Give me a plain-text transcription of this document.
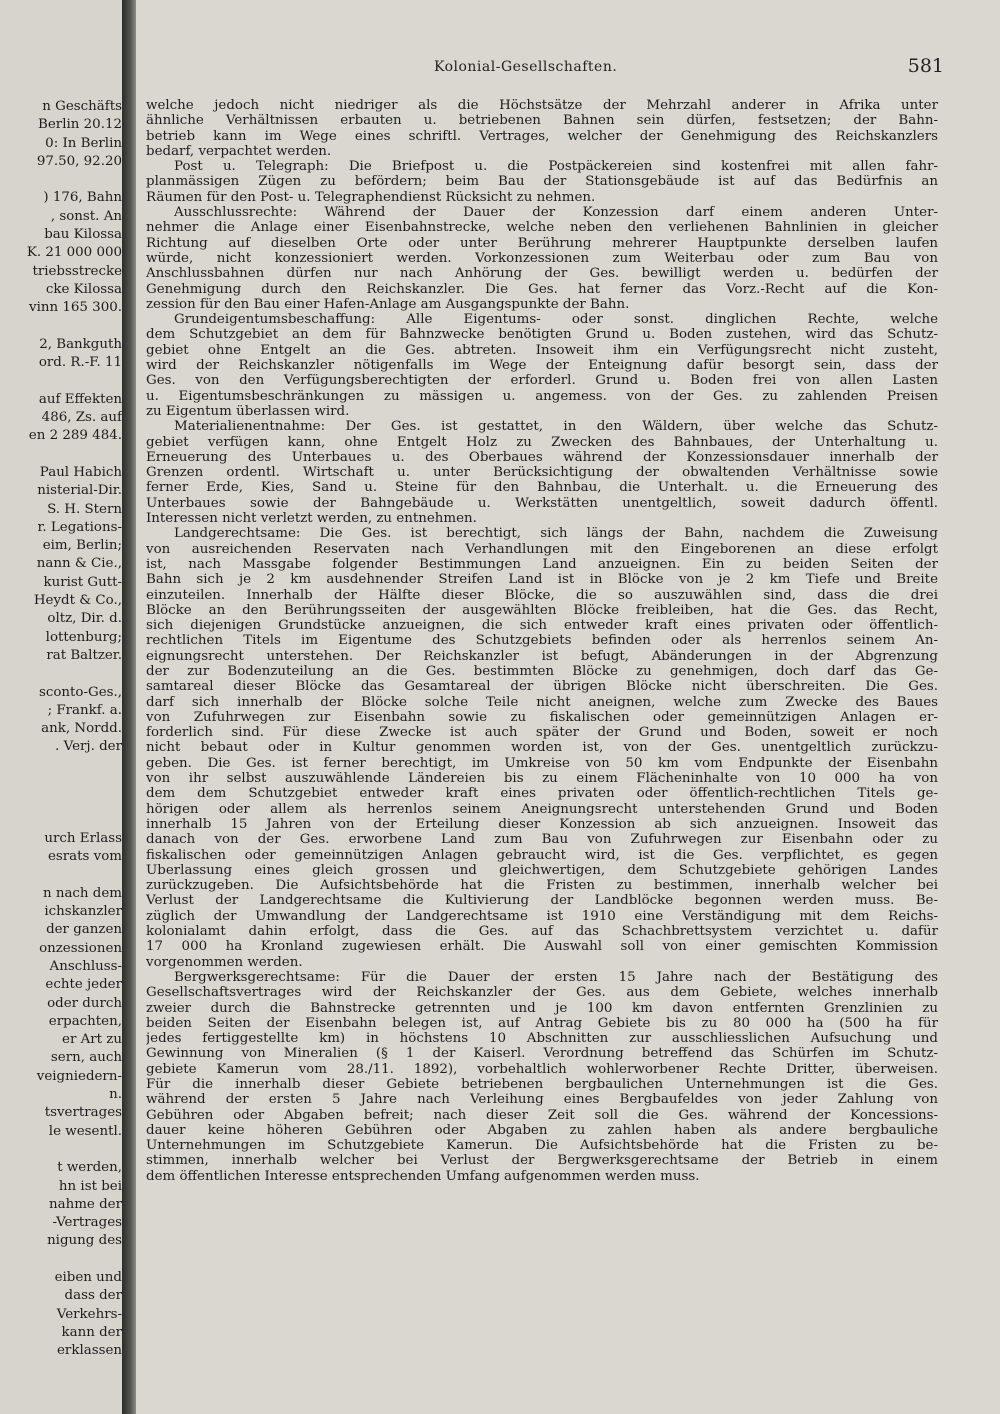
n Geschäfts
Berlin 20.12
0: In Berlin
97.50, 92.20
) 176, Bahn
, sonst. An
bau Kilossa
K. 21 000 000
triebsstrecke
cke Kilossa
vinn 165 300.
2, Bankguth
ord. R.-F. 11
auf Effekten
486, Zs. auf
en 2 289 484.
Paul Habich
nisterial-Dir.
S. H. Stern
r. Legations-
eim, Berlin;
nann & Cie.,
kurist Gutt-
Heydt & Co.,
oltz, Dir. d.
lottenburg;
rat Baltzer.
sconto-Ges.,
; Frankf. a.
ank, Nordd.
. Verj. der
urch Erlass
esrats vom
n nach dem
ichskanzler
der ganzen
onzessionen
Anschluss-
echte jeder
oder durch
erpachten,
er Art zu
sern, auch
veigniedern-
n.
tsvertrages
le wesentl.
t werden,
hn ist bei
nahme der
-Vertrages
nigung des
eiben und
dass der
Verkehrs-
kann der
erklassen
Kolonial-Gesellschaften.	581
welche jedoch nicht niedriger als die Höchstsätze der Mehrzahl anderer in Afrika unter
ähnliche Verhältnissen erbauten u. betriebenen Bahnen sein dürfen, festsetzen; der Bahn-
betrieb kann im Wege eines schriftl. Vertrages, welcher der Genehmigung des Reichskanzlers
bedarf, verpachtet werden.
Post u. Telegraph: Die Briefpost u. die Postpäckereien sind kostenfrei mit allen fahr-
planmässigen Zügen zu befördern; beim Bau der Stationsgebäude ist auf das Bedürfnis an
Räumen für den Post- u. Telegraphendienst Rücksicht zu nehmen.
Ausschlussrechte: Während der Dauer der Konzession darf einem anderen Unter-
nehmer die Anlage einer Eisenbahnstrecke, welche neben den verliehenen Bahnlinien in gleicher
Richtung auf dieselben Orte oder unter Berührung mehrerer Hauptpunkte derselben laufen
würde, nicht konzessioniert werden. Vorkonzessionen zum Weiterbau oder zum Bau von
Anschlussbahnen dürfen nur nach Anhörung der Ges. bewilligt werden u. bedürfen der
Genehmigung durch den Reichskanzler. Die Ges. hat ferner das Vorz.-Recht auf die Kon-
zession für den Bau einer Hafen-Anlage am Ausgangspunkte der Bahn.
Grundeigentumsbeschaffung: Alle Eigentums- oder sonst. dinglichen Rechte, welche
dem Schutzgebiet an dem für Bahnzwecke benötigten Grund u. Boden zustehen, wird das Schutz-
gebiet ohne Entgelt an die Ges. abtreten. Insoweit ihm ein Verfügungsrecht nicht zusteht,
wird der Reichskanzler nötigenfalls im Wege der Enteignung dafür besorgt sein, dass der
Ges. von den Verfügungsberechtigten der erforderl. Grund u. Boden frei von allen Lasten
u. Eigentumsbeschränkungen zu mässigen u. angemess. von der Ges. zu zahlenden Preisen
zu Eigentum überlassen wird.
Materialienentnahme: Der Ges. ist gestattet, in den Wäldern, über welche das Schutz-
gebiet verfügen kann, ohne Entgelt Holz zu Zwecken des Bahnbaues, der Unterhaltung u.
Erneuerung des Unterbaues u. des Oberbaues während der Konzessionsdauer innerhalb der
Grenzen ordentl. Wirtschaft u. unter Berücksichtigung der obwaltenden Verhältnisse sowie
ferner Erde, Kies, Sand u. Steine für den Bahnbau, die Unterhalt. u. die Erneuerung des
Unterbaues sowie der Bahngebäude u. Werkstätten unentgeltlich, soweit dadurch öffentl.
Interessen nicht verletzt werden, zu entnehmen.
Landgerechtsame: Die Ges. ist berechtigt, sich längs der Bahn, nachdem die Zuweisung
von ausreichenden Reservaten nach Verhandlungen mit den Eingeborenen an diese erfolgt
ist, nach Massgabe folgender Bestimmungen Land anzueignen. Ein zu beiden Seiten der
Bahn sich je 2 km ausdehnender Streifen Land ist in Blöcke von je 2 km Tiefe und Breite
einzuteilen. Innerhalb der Hälfte dieser Blöcke, die so auszuwählen sind, dass die drei
Blöcke an den Berührungsseiten der ausgewählten Blöcke freibleiben, hat die Ges. das Recht,
sich diejenigen Grundstücke anzueignen, die sich entweder kraft eines privaten oder öffentlich-
rechtlichen Titels im Eigentume des Schutzgebiets befinden oder als herrenlos seinem An-
eignungsrecht unterstehen. Der Reichskanzler ist befugt, Abänderungen in der Abgrenzung
der zur Bodenzuteilung an die Ges. bestimmten Blöcke zu genehmigen, doch darf das Ge-
samtareal dieser Blöcke das Gesamtareal der übrigen Blöcke nicht überschreiten. Die Ges.
darf sich innerhalb der Blöcke solche Teile nicht aneignen, welche zum Zwecke des Baues
von Zufuhrwegen zur Eisenbahn sowie zu fiskalischen oder gemeinnützigen Anlagen er-
forderlich sind. Für diese Zwecke ist auch später der Grund und Boden, soweit er noch
nicht bebaut oder in Kultur genommen worden ist, von der Ges. unentgeltlich zurückzu-
geben. Die Ges. ist ferner berechtigt, im Umkreise von 50 km vom Endpunkte der Eisenbahn
von ihr selbst auszuwählende Ländereien bis zu einem Flächeninhalte von 10 000 ha von
dem dem Schutzgebiet entweder kraft eines privaten oder öffentlich-rechtlichen Titels ge-
hörigen oder allem als herrenlos seinem Aneignungsrecht unterstehenden Grund und Boden
innerhalb 15 Jahren von der Erteilung dieser Konzession ab sich anzueignen. Insoweit das
danach von der Ges. erworbene Land zum Bau von Zufuhrwegen zur Eisenbahn oder zu
fiskalischen oder gemeinnützigen Anlagen gebraucht wird, ist die Ges. verpflichtet, es gegen
Überlassung eines gleich grossen und gleichwertigen, dem Schutzgebiete gehörigen Landes
zurückzugeben. Die Aufsichtsbehörde hat die Fristen zu bestimmen, innerhalb welcher bei
Verlust der Landgerechtsame die Kultivierung der Landblöcke begonnen werden muss. Be-
züglich der Umwandlung der Landgerechtsame ist 1910 eine Verständigung mit dem Reichs-
kolonialamt dahin erfolgt, dass die Ges. auf das Schachbrettsystem verzichtet u. dafür
17 000 ha Kronland zugewiesen erhält. Die Auswahl soll von einer gemischten Kommission
vorgenommen werden.
Bergwerksgerechtsame: Für die Dauer der ersten 15 Jahre nach der Bestätigung des
Gesellschaftsvertrages wird der Reichskanzler der Ges. aus dem Gebiete, welches innerhalb
zweier durch die Bahnstrecke getrennten und je 100 km davon entfernten Grenzlinien zu
beiden Seiten der Eisenbahn belegen ist, auf Antrag Gebiete bis zu 80 000 ha (500 ha für
jedes fertiggestellte km) in höchstens 10 Abschnitten zur ausschliesslichen Aufsuchung und
Gewinnung von Mineralien (§ 1 der Kaiserl. Verordnung betreffend das Schürfen im Schutz-
gebiete Kamerun vom 28./11. 1892), vorbehaltlich wohlerworbener Rechte Dritter, überweisen.
Für die innerhalb dieser Gebiete betriebenen bergbaulichen Unternehmungen ist die Ges.
während der ersten 5 Jahre nach Verleihung eines Bergbaufeldes von jeder Zahlung von
Gebühren oder Abgaben befreit; nach dieser Zeit soll die Ges. während der Koncessions-
dauer keine höheren Gebühren oder Abgaben zu zahlen haben als andere bergbauliche
Unternehmungen im Schutzgebiete Kamerun. Die Aufsichtsbehörde hat die Fristen zu be-
stimmen, innerhalb welcher bei Verlust der Bergwerksgerechtsame der Betrieb in einem
dem öffentlichen Interesse entsprechenden Umfang aufgenommen werden muss.
